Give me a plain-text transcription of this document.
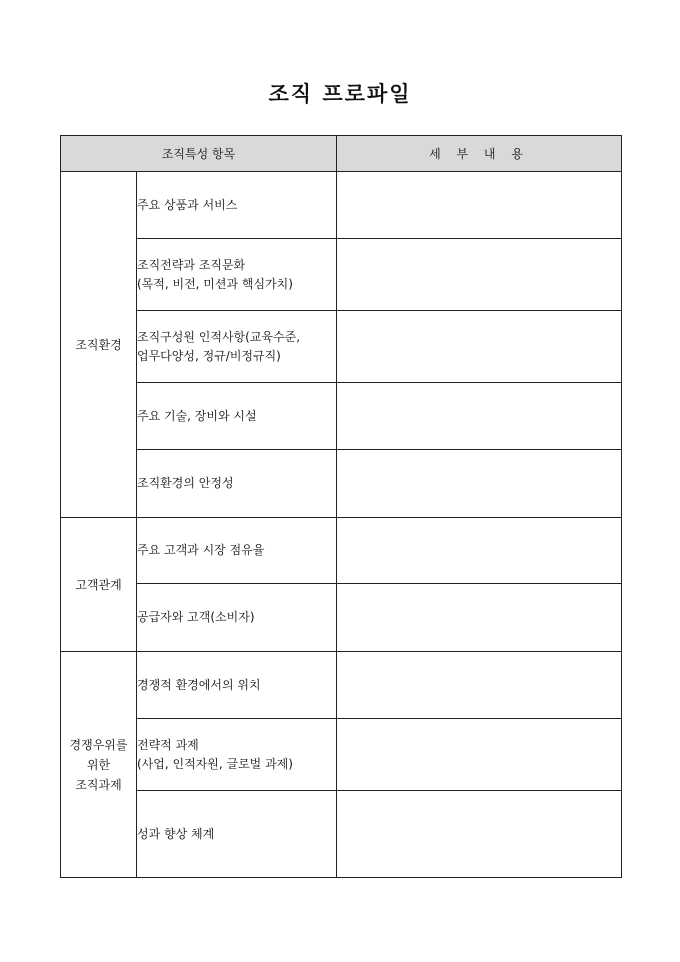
조직 프로파일
조직특성 항목		세 부 내 용

조직환경	주요 상품과 서비스	

	조직전략과 조직문화
(목적, 비전, 미션과 핵심가치)	

	조직구성원 인적사항(교육수준,
업무다양성, 정규/비정규직)	

	주요 기술, 장비와 시설	

	조직환경의 안정성	

고객관계	주요 고객과 시장 점유율	

	공급자와 고객(소비자)	

경쟁우위를
위한
조직과제	경쟁적 환경에서의 위치	

	전략적 과제
(사업, 인적자원, 글로벌 과제)	

	성과 향상 체계	
